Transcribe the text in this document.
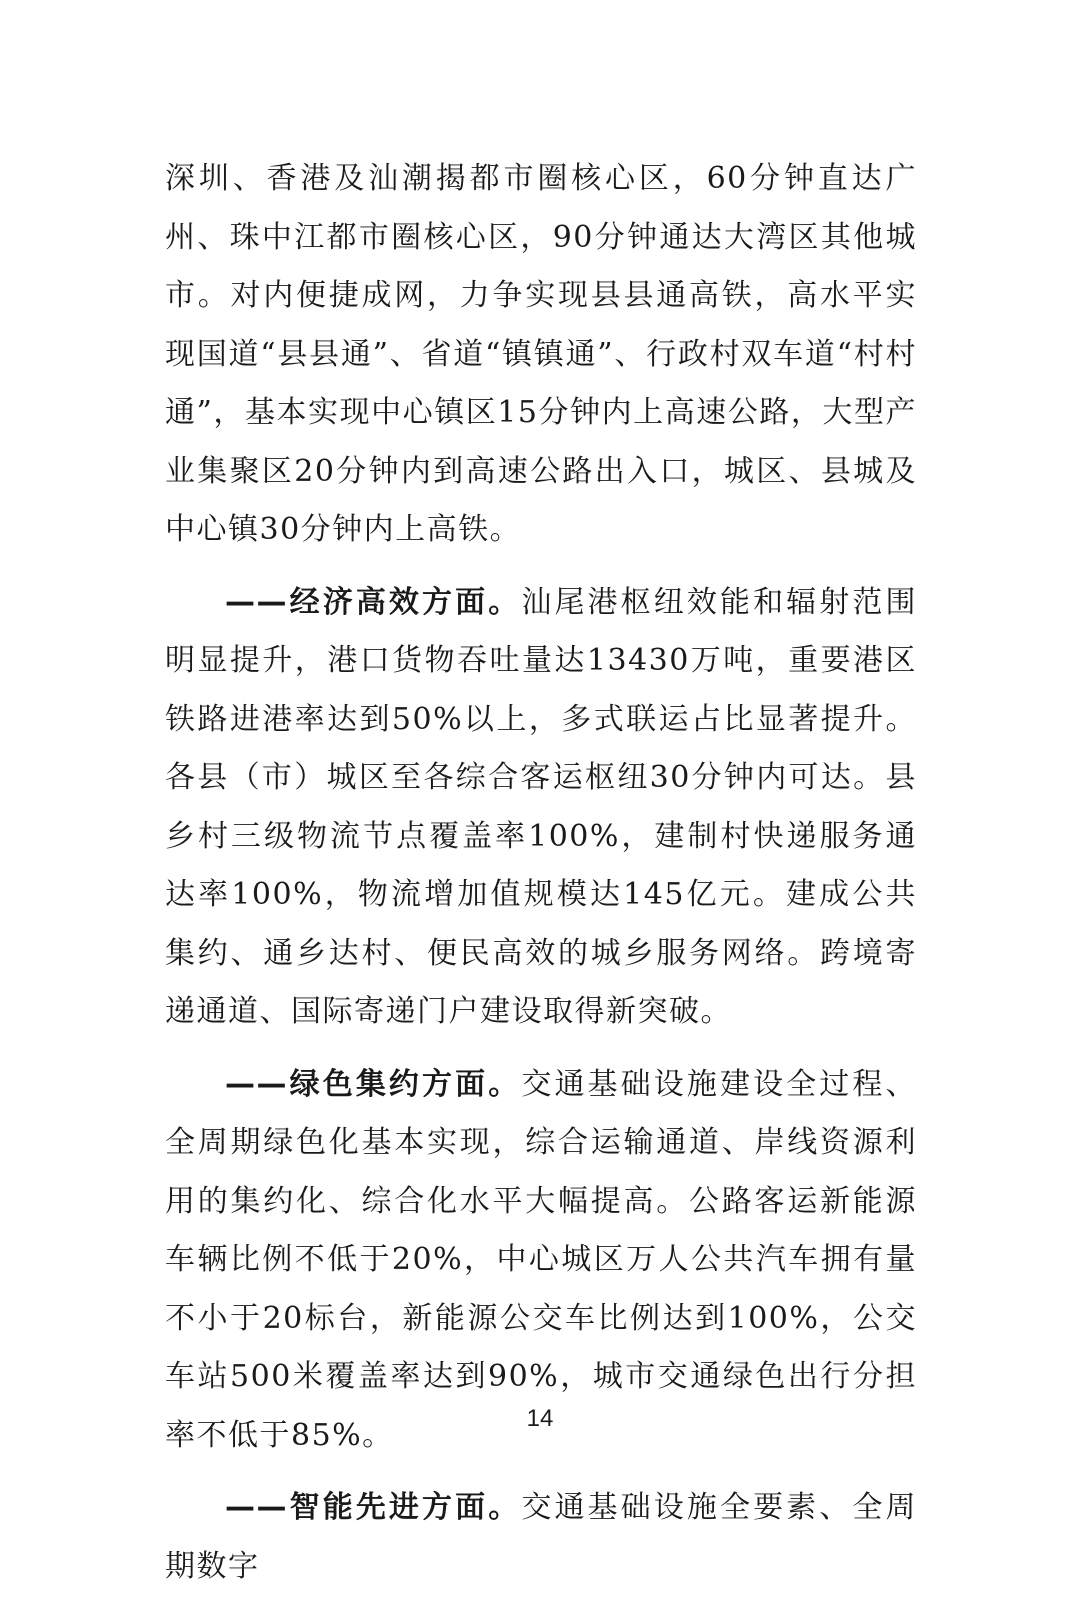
深圳、香港及汕潮揭都市圈核心区，60分钟直达广州、珠中江都市圈核心区，90分钟通达大湾区其他城市。对内便捷成网，力争实现县县通高铁，高水平实现国道“县县通”、省道“镇镇通”、行政村双车道“村村通”，基本实现中心镇区15分钟内上高速公路，大型产业集聚区20分钟内到高速公路出入口，城区、县城及中心镇30分钟内上高铁。

——经济高效方面。汕尾港枢纽效能和辐射范围明显提升，港口货物吞吐量达13430万吨，重要港区铁路进港率达到50%以上，多式联运占比显著提升。各县（市）城区至各综合客运枢纽30分钟内可达。县乡村三级物流节点覆盖率100%，建制村快递服务通达率100%，物流增加值规模达145亿元。建成公共集约、通乡达村、便民高效的城乡服务网络。跨境寄递通道、国际寄递门户建设取得新突破。

——绿色集约方面。交通基础设施建设全过程、全周期绿色化基本实现，综合运输通道、岸线资源利用的集约化、综合化水平大幅提高。公路客运新能源车辆比例不低于20%，中心城区万人公共汽车拥有量不小于20标台，新能源公交车比例达到100%，公交车站500米覆盖率达到90%，城市交通绿色出行分担率不低于85%。

——智能先进方面。交通基础设施全要素、全周期数字

14
